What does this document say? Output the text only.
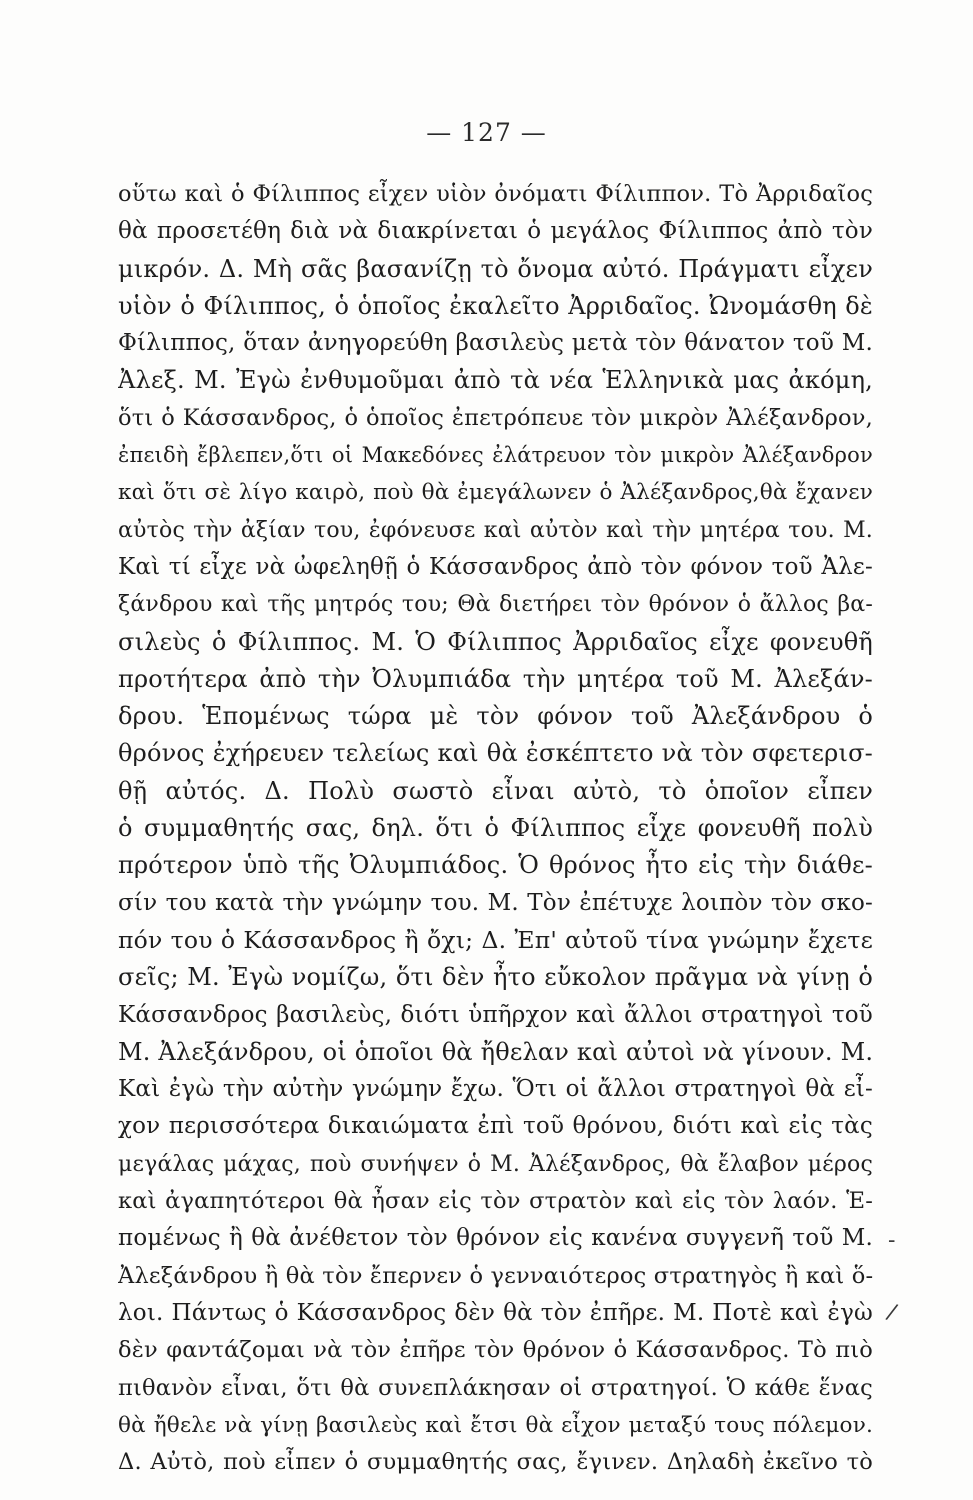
— 127 —
οὕτω καὶ ὁ Φίλιππος εἶχεν υἱὸν ὀνόματι Φίλιππον. Τὸ Ἀρριδαῖος
θὰ προσετέθη διὰ νὰ διακρίνεται ὁ μεγάλος Φίλιππος ἀπὸ τὸν
μικρόν. Δ. Μὴ σᾶς βασανίζῃ τὸ ὄνομα αὐτό. Πράγματι εἶχεν
υἱὸν ὁ Φίλιππος, ὁ ὁποῖος ἐκαλεῖτο Ἀρριδαῖος. Ὠνομάσθη δὲ
Φίλιππος, ὅταν ἀνηγορεύθη βασιλεὺς μετὰ τὸν θάνατον τοῦ Μ.
Ἀλεξ. Μ. Ἐγὼ ἐνθυμοῦμαι ἀπὸ τὰ νέα Ἑλληνικὰ μας ἀκόμη,
ὅτι ὁ Κάσσανδρος, ὁ ὁποῖος ἐπετρόπευε τὸν μικρὸν Ἀλέξανδρον,
ἐπειδὴ ἔβλεπεν,ὅτι οἱ Μακεδόνες ἐλάτρευον τὸν μικρὸν Ἀλέξανδρον
καὶ ὅτι σὲ λίγο καιρὸ, ποὺ θὰ ἐμεγάλωνεν ὁ Ἀλέξανδρος,θὰ ἔχανεν
αὐτὸς τὴν ἀξίαν του, ἐφόνευσε καὶ αὐτὸν καὶ τὴν μητέρα του. Μ.
Καὶ τί εἶχε νὰ ὠφεληθῇ ὁ Κάσσανδρος ἀπὸ τὸν φόνον τοῦ Ἀλε-
ξάνδρου καὶ τῆς μητρός του; Θὰ διετήρει τὸν θρόνον ὁ ἄλλος βα-
σιλεὺς ὁ Φίλιππος. Μ. Ὁ Φίλιππος Ἀρριδαῖος εἶχε φονευθῆ
προτήτερα ἀπὸ τὴν Ὀλυμπιάδα τὴν μητέρα τοῦ Μ. Ἀλεξάν-
δρου. Ἑπομένως τώρα μὲ τὸν φόνον τοῦ Ἀλεξάνδρου ὁ
θρόνος ἐχήρευεν τελείως καὶ θὰ ἐσκέπτετο νὰ τὸν σφετερισ-
θῇ αὐτός. Δ. Πολὺ σωστὸ εἶναι αὐτὸ, τὸ ὁποῖον εἶπεν
ὁ συμμαθητής σας, δηλ. ὅτι ὁ Φίλιππος εἶχε φονευθῆ πολὺ
πρότερον ὑπὸ τῆς Ὀλυμπιάδος. Ὁ θρόνος ἦτο εἰς τὴν διάθε-
σίν του κατὰ τὴν γνώμην του. Μ. Τὸν ἐπέτυχε λοιπὸν τὸν σκο-
πόν του ὁ Κάσσανδρος ἢ ὄχι; Δ. Ἐπ' αὐτοῦ τίνα γνώμην ἔχετε
σεῖς; Μ. Ἐγὼ νομίζω, ὅτι δὲν ἦτο εὔκολον πρᾶγμα νὰ γίνῃ ὁ
Κάσσανδρος βασιλεὺς, διότι ὑπῆρχον καὶ ἄλλοι στρατηγοὶ τοῦ
Μ. Ἀλεξάνδρου, οἱ ὁποῖοι θὰ ἤθελαν καὶ αὐτοὶ νὰ γίνουν. Μ.
Καὶ ἐγὼ τὴν αὐτὴν γνώμην ἔχω. Ὅτι οἱ ἄλλοι στρατηγοὶ θὰ εἶ-
χον περισσότερα δικαιώματα ἐπὶ τοῦ θρόνου, διότι καὶ εἰς τὰς
μεγάλας μάχας, ποὺ συνήψεν ὁ Μ. Ἀλέξανδρος, θὰ ἔλαβον μέρος
καὶ ἀγαπητότεροι θὰ ἦσαν εἰς τὸν στρατὸν καὶ εἰς τὸν λαόν. Ἑ-
πομένως ἢ θὰ ἀνέθετον τὸν θρόνον εἰς κανένα συγγενῆ τοῦ Μ.
Ἀλεξάνδρου ἢ θὰ τὸν ἔπερνεν ὁ γενναιότερος στρατηγὸς ἢ καὶ ὅ-
λοι. Πάντως ὁ Κάσσανδρος δὲν θὰ τὸν ἐπῆρε. Μ. Ποτὲ καὶ ἐγὼ
δὲν φαντάζομαι νὰ τὸν ἐπῆρε τὸν θρόνον ὁ Κάσσανδρος. Τὸ πιὸ
πιθανὸν εἶναι, ὅτι θὰ συνεπλάκησαν οἱ στρατηγοί. Ὁ κάθε ἕνας
θὰ ἤθελε νὰ γίνῃ βασιλεὺς καὶ ἔτσι θὰ εἶχον μεταξύ τους πόλεμον.
Δ. Αὐτὸ, ποὺ εἶπεν ὁ συμμαθητής σας, ἔγινεν. Δηλαδὴ ἐκεῖνο τὸ
-
/
